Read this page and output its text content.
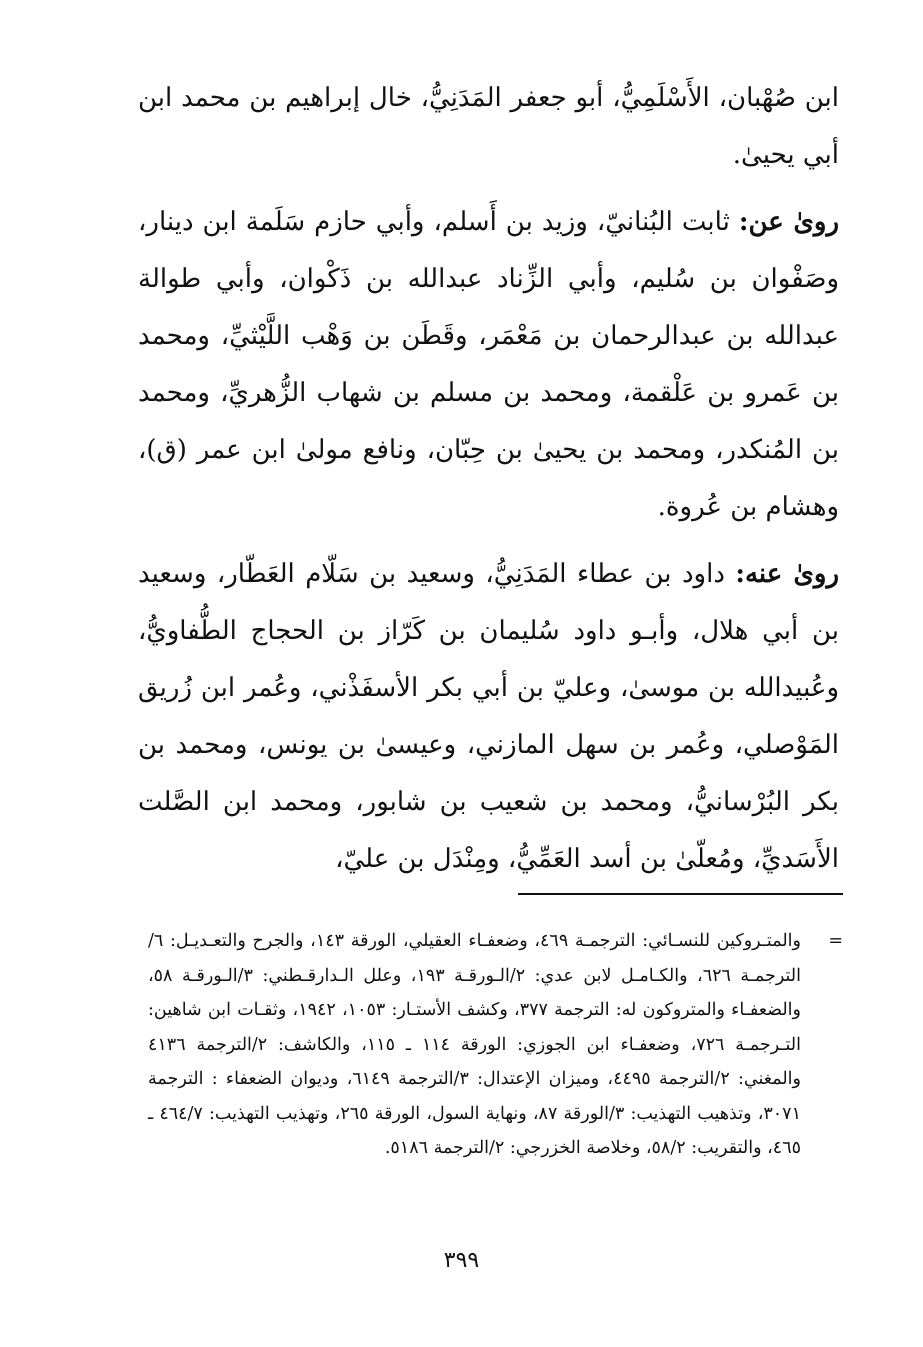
ابن صُهْبان، الأَسْلَمِيُّ، أبو جعفر المَدَنِيُّ، خال إبراهيم بن محمد ابن أبي يحيىٰ.

روىٰ عن: ثابت البُنانيّ، وزيد بن أَسلم، وأبي حازم سَلَمة ابن دينار، وصَفْوان بن سُليم، وأبي الزِّناد عبدالله بن ذَكْوان، وأبي طوالة عبدالله بن عبدالرحمان بن مَعْمَر، وقَطَن بن وَهْب اللَّيْثيِّ، ومحمد بن عَمرو بن عَلْقمة، ومحمد بن مسلم بن شهاب الزُّهريِّ، ومحمد بن المُنكدر، ومحمد بن يحيىٰ بن حِبّان، ونافع مولىٰ ابن عمر (ق)، وهشام بن عُروة.

روىٰ عنه: داود بن عطاء المَدَنِيُّ، وسعيد بن سَلّام العَطّار، وسعيد بن أبي هلال، وأبـو داود سُليمان بن كَرّاز بن الحجاج الطُّفاويُّ، وعُبيدالله بن موسىٰ، وعليّ بن أبي بكر الأسفَذْني، وعُمر ابن زُريق المَوْصلي، وعُمر بن سهل المازني، وعيسىٰ بن يونس، ومحمد بن بكر البُرْسانيُّ، ومحمد بن شعيب بن شابور، ومحمد ابن الصَّلت الأَسَديِّ، ومُعلّىٰ بن أسد العَمِّيُّ، ومِنْدَل بن عليّ،

=

والمتـروكين للنسـائي: الترجمـة ٤٦٩، وضعفـاء العقيلي، الورقة ١٤٣، والجرح والتعـديـل: ٦/الترجمـة ٦٢٦، والكـامـل لابن عدي: ٢/الـورقـة ١٩٣، وعلل الـدارقـطني: ٣/الـورقـة ٥٨، والضعفـاء والمتروكون له: الترجمة ٣٧٧، وكشف الأستـار: ١٠٥٣، ١٩٤٢، وثقـات ابن شاهين: التـرجمـة ٧٢٦، وضعفـاء ابن الجوزي: الورقة ١١٤ ـ ١١٥، والكاشف: ٢/الترجمة ٤١٣٦ والمغني: ٢/الترجمة ٤٤٩٥، وميزان الإعتدال: ٣/الترجمة ٦١٤٩، وديوان الضعفاء : الترجمة ٣٠٧١، وتذهيب التهذيب: ٣/الورقة ٨٧، ونهاية السول، الورقة ٢٦٥، وتهذيب التهذيب: ٤٦٤/٧ ـ ٤٦٥، والتقريب: ٥٨/٢، وخلاصة الخزرجي: ٢/الترجمة ٥١٨٦.

٣٩٩
